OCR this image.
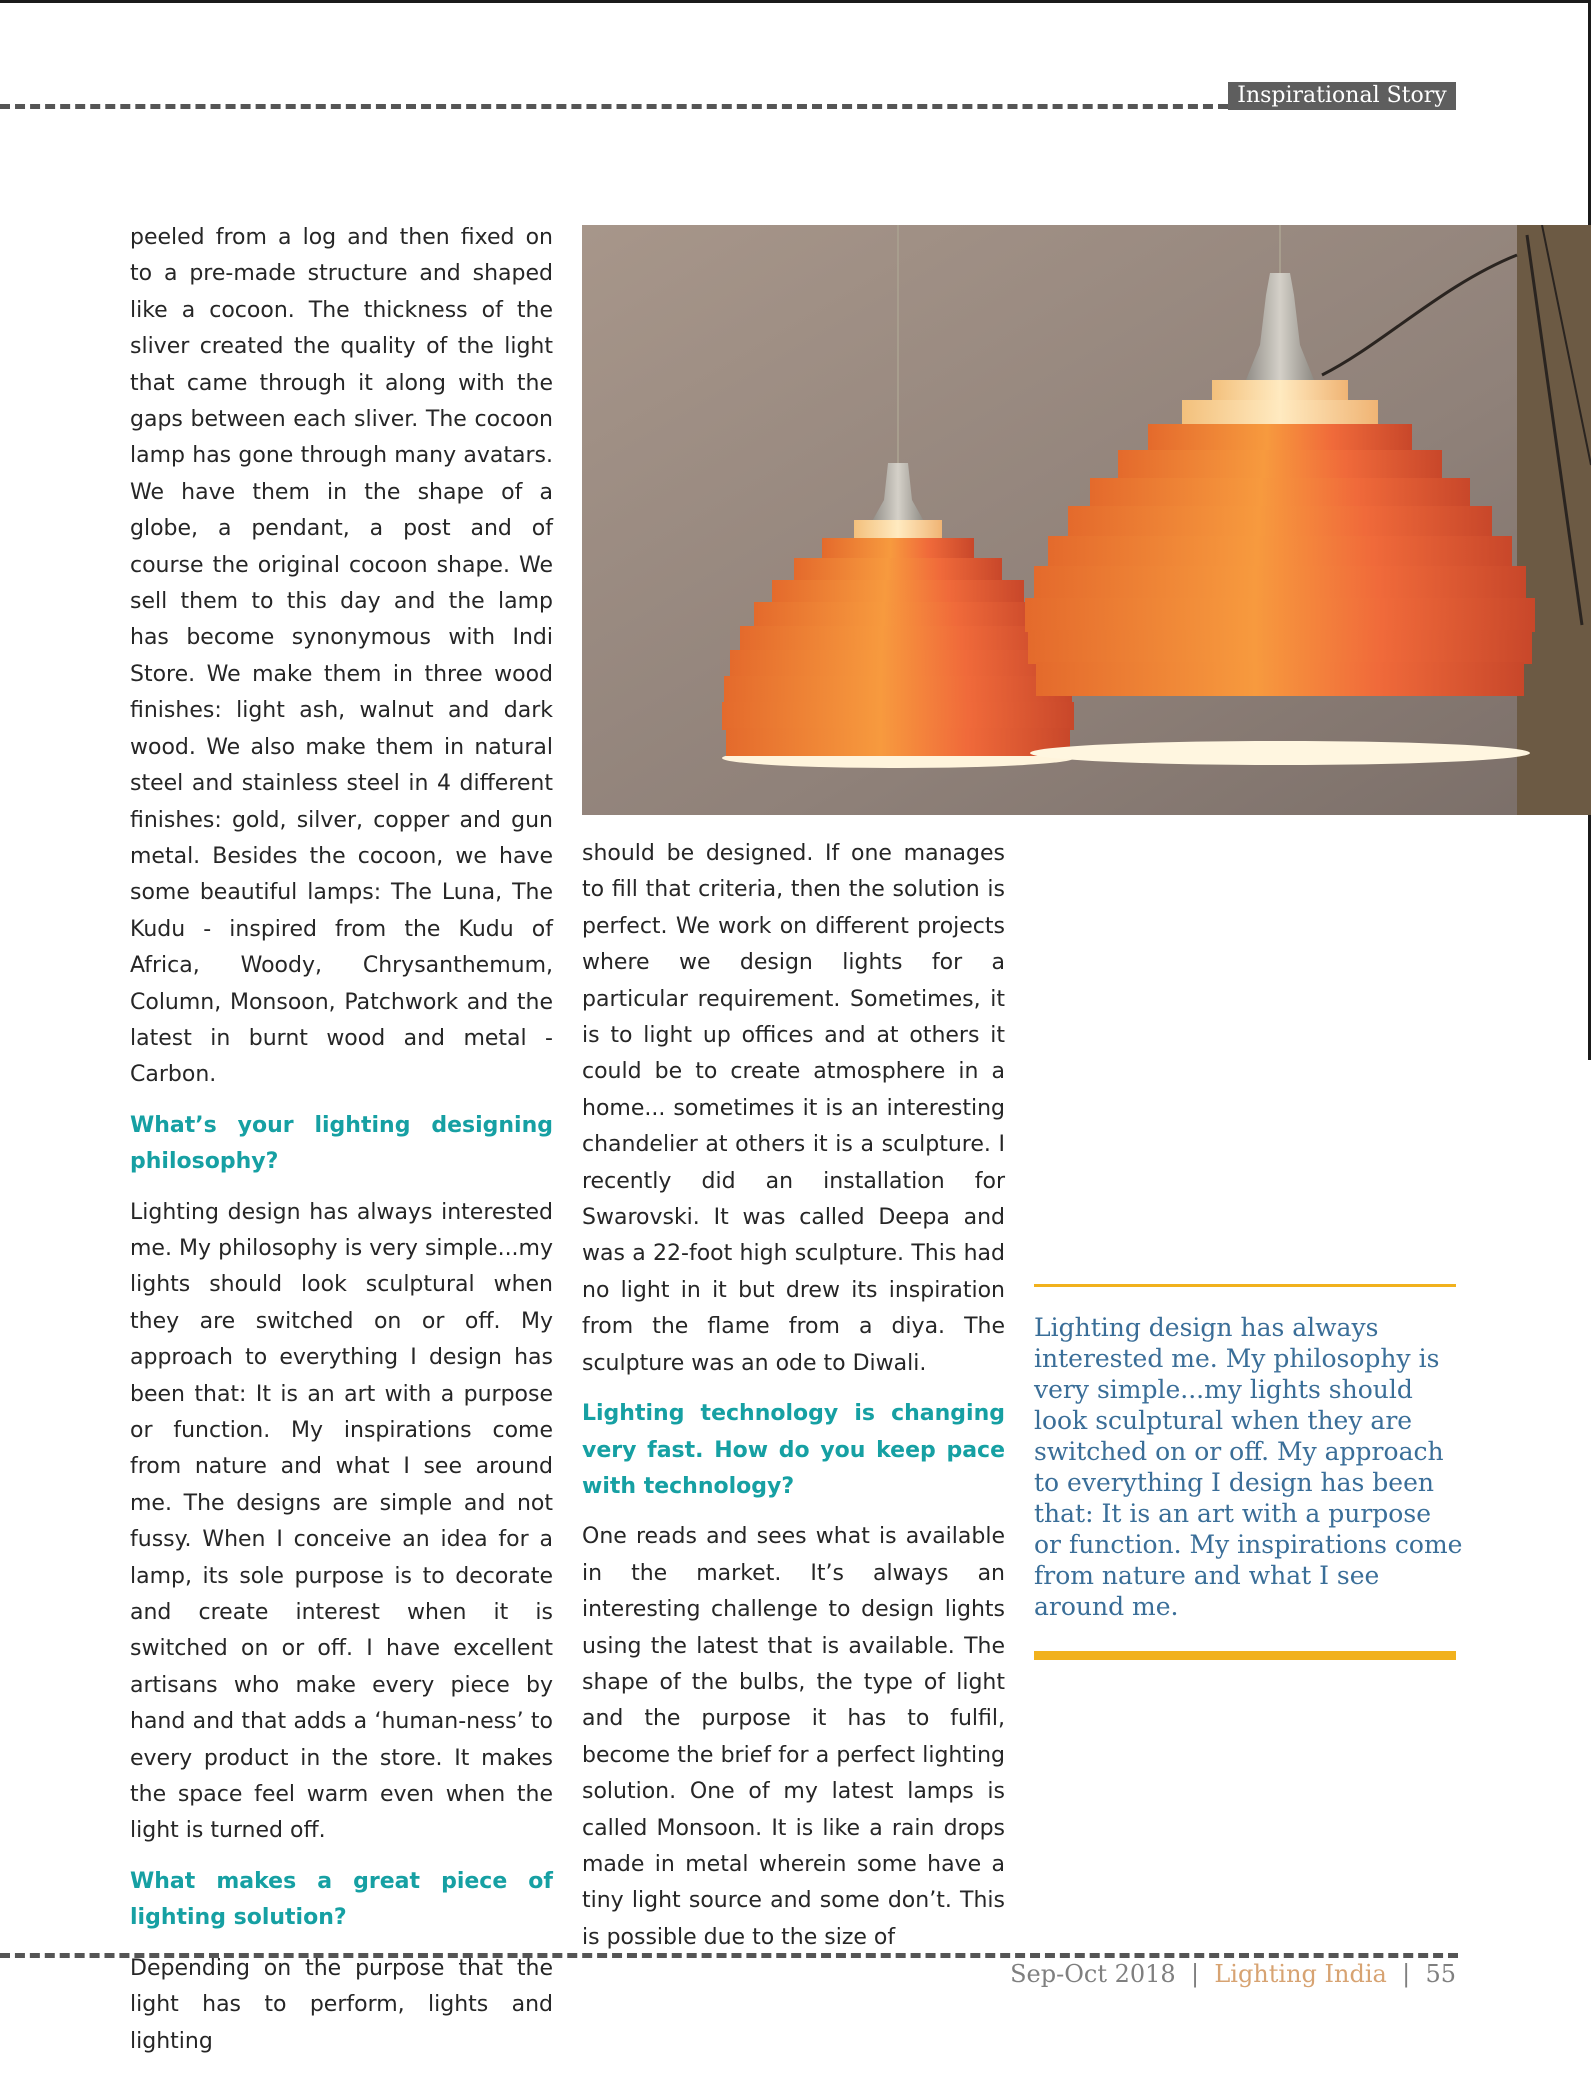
Inspirational Story

peeled from a log and then fixed on to a pre-made structure and shaped like a cocoon. The thickness of the sliver created the quality of the light that came through it along with the gaps between each sliver. The cocoon lamp has gone through many avatars. We have them in the shape of a globe, a pendant, a post and of course the original cocoon shape. We sell them to this day and the lamp has become synonymous with Indi Store. We make them in three wood finishes: light ash, walnut and dark wood. We also make them in natural steel and stainless steel in 4 different finishes: gold, silver, copper and gun metal. Besides the cocoon, we have some beautiful lamps: The Luna, The Kudu - inspired from the Kudu of Africa, Woody, Chrysanthemum, Column, Monsoon, Patchwork and the latest in burnt wood and metal - Carbon.

What’s your lighting designing philosophy?

Lighting design has always interested me. My philosophy is very simple...my lights should look sculptural when they are switched on or off. My approach to everything I design has been that: It is an art with a purpose or function. My inspirations come from nature and what I see around me. The designs are simple and not fussy. When I conceive an idea for a lamp, its sole purpose is to decorate and create interest when it is switched on or off. I have excellent artisans who make every piece by hand and that adds a ‘human-ness’ to every product in the store. It makes the space feel warm even when the light is turned off.

What makes a great piece of lighting solution?

Depending on the purpose that the light has to perform, lights and lighting

should be designed. If one manages to fill that criteria, then the solution is perfect. We work on different projects where we design lights for a particular requirement. Sometimes, it is to light up offices and at others it could be to create atmosphere in a home... sometimes it is an interesting chandelier at others it is a sculpture. I recently did an installation for Swarovski. It was called Deepa and was a 22-foot high sculpture. This had no light in it but drew its inspiration from the flame from a diya. The sculpture was an ode to Diwali.

Lighting technology is changing very fast. How do you keep pace with technology?

One reads and sees what is available in the market. It’s always an interesting challenge to design lights using the latest that is available. The shape of the bulbs, the type of light and the purpose it has to fulfil, become the brief for a perfect lighting solution. One of my latest lamps is called Monsoon. It is like a rain drops made in metal wherein some have a tiny light source and some don’t. This is possible due to the size of

Lighting design has always interested me. My philosophy is very simple...my lights should look sculptural when they are switched on or off. My approach to everything I design has been that: It is an art with a purpose or function. My inspirations come from nature and what I see around me.
Sep-Oct 2018 | Lighting India | 55
